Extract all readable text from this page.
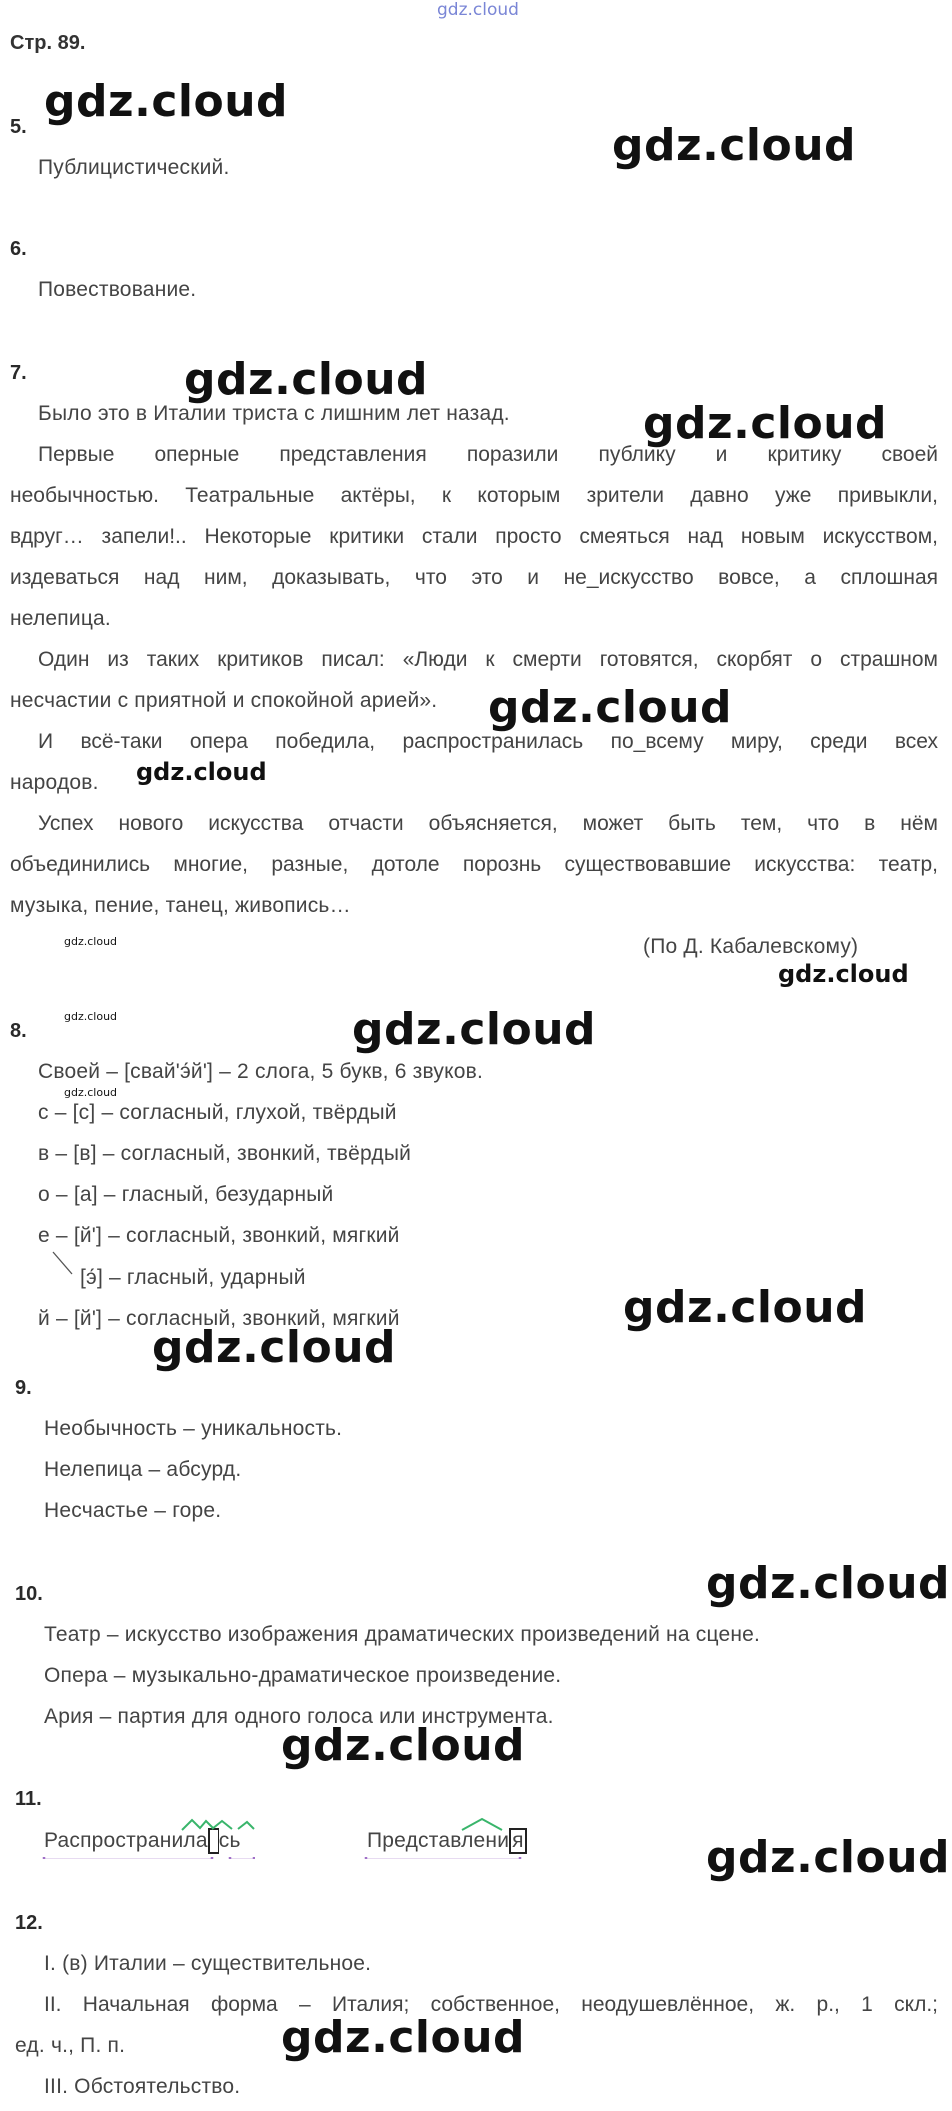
gdz.cloud
Стр. 89.
5.
Публицистический.
6.
Повествование.
7.
Было это в Италии триста с лишним лет назад.
Первые оперные представления поразили публику и критику своей
необычностью. Театральные актёры, к которым зрители давно уже привыкли,
вдруг… запели!.. Некоторые критики стали просто смеяться над новым искусством,
издеваться над ним, доказывать, что это и не_искусство вовсе, а сплошная
нелепица.
Один из таких критиков писал: «Люди к смерти готовятся, скорбят о страшном
несчастии с приятной и спокойной арией».
И всё-таки опера победила, распространилась по_всему миру, среди всех
народов.
Успех нового искусства отчасти объясняется, может быть тем, что в нём
объединились многие, разные, дотоле порознь существовавшие искусства: театр,
музыка, пение, танец, живопись…
(По Д. Кабалевскому)
8.
Своей – [свай'э́й'] – 2 слога, 5 букв, 6 звуков.
с – [с] – согласный, глухой, твёрдый
в – [в] – согласный, звонкий, твёрдый
о – [а] – гласный, безударный
е – [й'] – согласный, звонкий, мягкий
[э́] – гласный, ударный
й – [й'] – согласный, звонкий, мягкий
9.
Необычность – уникальность.
Нелепица – абсурд.
Несчастье – горе.
10.
Театр – искусство изображения драматических произведений на сцене.
Опера – музыкально-драматическое произведение.
Ария – партия для одного голоса или инструмента.
11.
Распространила сь	Представлени я
12.
I. (в) Италии – существительное.
II. Начальная форма – Италия; собственное, неодушевлённое, ж. р., 1 скл.;
ед. ч., П. п.
III. Обстоятельство.
gdz.cloud
gdz.cloud
gdz.cloud
gdz.cloud
gdz.cloud
gdz.cloud
gdz.cloud
gdz.cloud
gdz.cloud	gdz.cloud
gdz.cloud
gdz.cloud
gdz.cloud
gdz.cloud
gdz.cloud
gdz.cloud
gdz.cloud
